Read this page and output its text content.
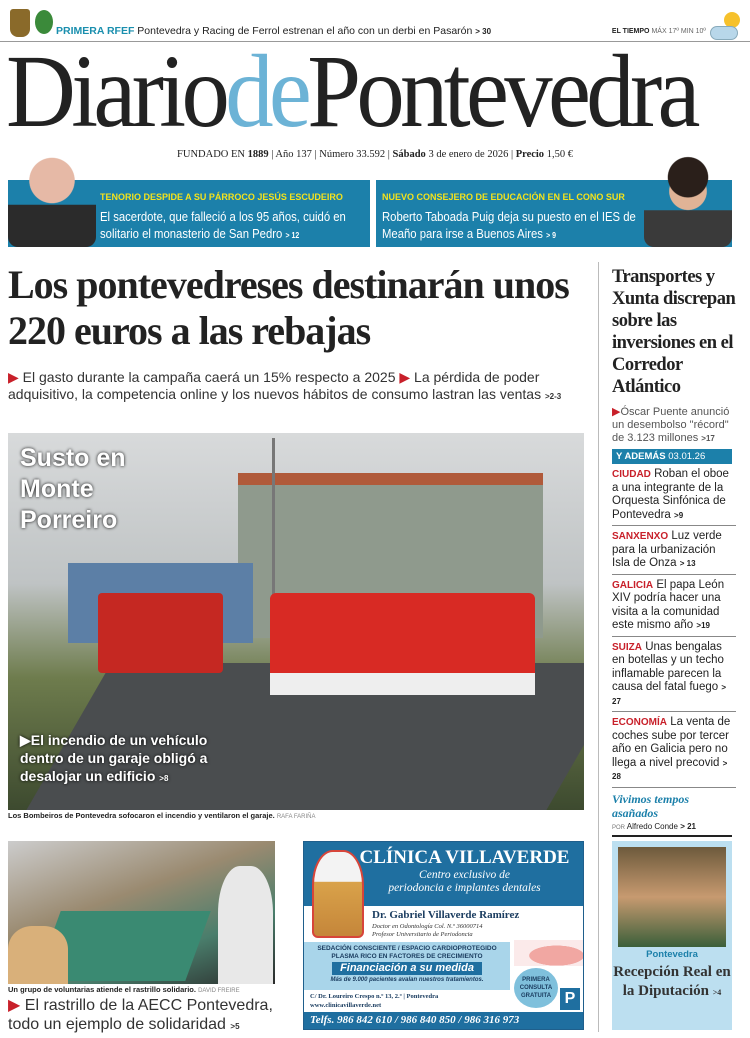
PRIMERA RFEF Pontevedra y Racing de Ferrol estrenan el año con un derbi en Pasarón > 30	EL TIEMPO MÁX 17º MIN 10º
DiariodePontevedra
FUNDADO EN 1889 | Año 137 | Número 33.592 | Sábado 3 de enero de 2026 | Precio 1,50 €
TENORIO DESPIDE A SU PÁRROCO JESÚS ESCUDEIRO
El sacerdote, que falleció a los 95 años, cuidó en solitario el monasterio de San Pedro > 12
NUEVO CONSEJERO DE EDUCACIÓN EN EL CONO SUR
Roberto Taboada Puig deja su puesto en el IES de Meaño para irse a Buenos Aires > 9
Los pontevedreses destinarán unos 220 euros a las rebajas
▶ El gasto durante la campaña caerá un 15% respecto a 2025 ▶ La pérdida de poder adquisitivo, la competencia online y los nuevos hábitos de consumo lastran las ventas >2-3
Susto en Monte Porreiro
▶El incendio de un vehículo dentro de un garaje obligó a desalojar un edificio >8
Los Bombeiros de Pontevedra sofocaron el incendio y ventilaron el garaje. RAFA FARIÑA
Transportes y Xunta discrepan sobre las inversiones en el Corredor Atlántico
▶Óscar Puente anunció un desembolso "récord" de 3.123 millones >17
Y ADEMÁS 03.01.26
CIUDAD Roban el oboe a una integrante de la Orquesta Sinfónica de Pontevedra >9
SANXENXO Luz verde para la urbanización Isla de Onza > 13
GALICIA El papa León XIV podría hacer una visita a la comunidad este mismo año >19
SUIZA Unas bengalas en botellas y un techo inflamable parecen la causa del fatal fuego > 27
ECONOMÍA La venta de coches sube por tercer año en Galicia pero no llega a nivel precovid > 28
Vivimos tempos asañados
POR Alfredo Conde > 21
Un grupo de voluntarias atiende el rastrillo solidario. DAVID FREIRE
▶ El rastrillo de la AECC Pontevedra, todo un ejemplo de solidaridad >5
CLÍNICA VILLAVERDE
Centro exclusivo de
periodoncia e implantes dentales
Dr. Gabriel Villaverde Ramírez
Doctor en Odontología Col. N.º 36000714
Profesor Universitario de Periodoncia
SEDACIÓN CONSCIENTE / ESPACIO CARDIOPROTEGIDO
PLASMA RICO EN FACTORES DE CRECIMIENTO
Financiación a su medida
Más de 9.000 pacientes avalan nuestros tratamientos.
C/ Dr. Loureiro Crespo n.º 13, 2.º | Pontevedra
www.clinicavillaverde.net
PRIMERA CONSULTA GRATUITA P
Telfs. 986 842 610 / 986 840 850 / 986 316 973
Pontevedra
Recepción Real en la Diputación >4
